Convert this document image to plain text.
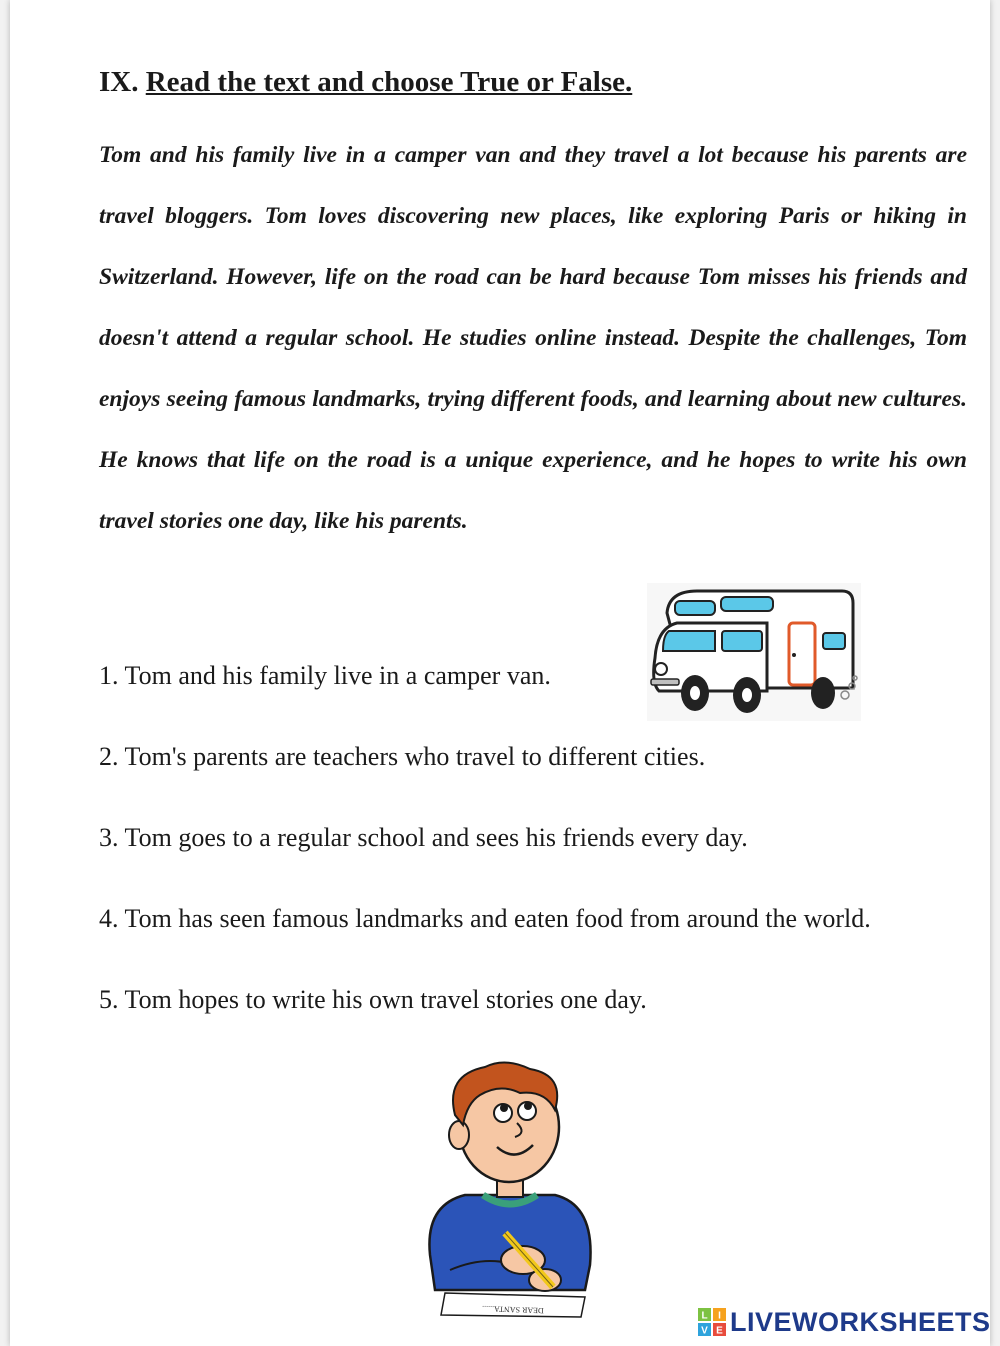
IX. Read the text and choose True or False.

Tom and his family live in a camper van and they travel a lot because his parents are travel bloggers. Tom loves discovering new places, like exploring Paris or hiking in Switzerland. However, life on the road can be hard because Tom misses his friends and doesn't attend a regular school. He studies online instead. Despite the challenges, Tom enjoys seeing famous landmarks, trying different foods, and learning about new cultures. He knows that life on the road is a unique experience, and he hopes to write his own travel stories one day, like his parents.

1. Tom and his family live in a camper van.

2. Tom's parents are teachers who travel to different cities.

3. Tom goes to a regular school and sees his friends every day.

4. Tom has seen famous landmarks and eaten food from around the world.

5. Tom hopes to write his own travel stories one day.

DEAR SANTA......
L I
V E LIVEWORKSHEETS
